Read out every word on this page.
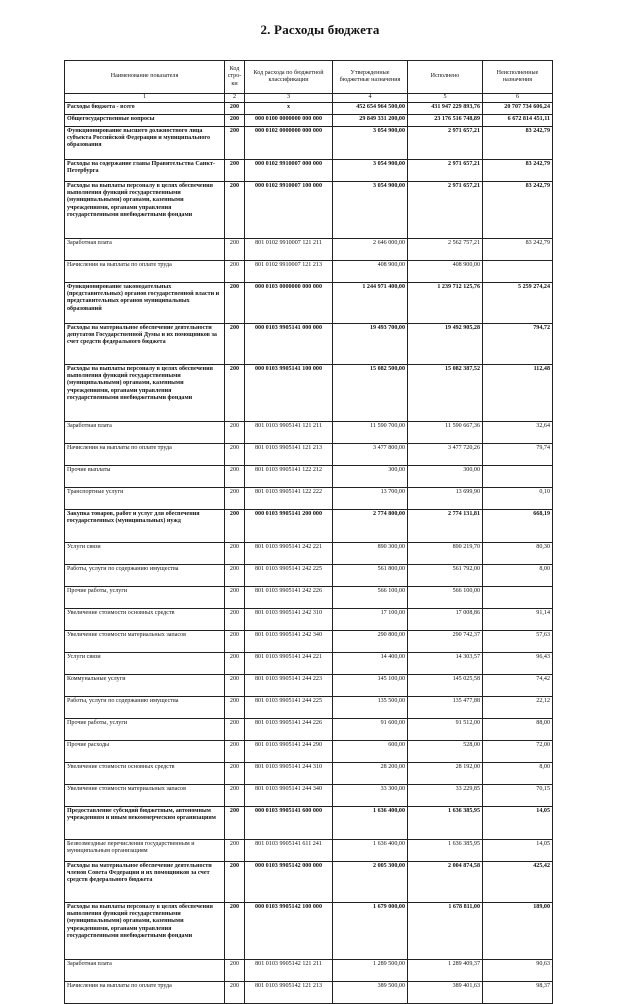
2. Расходы бюджета
Наименование показателя	Код стро-ки	Код расхода по бюджетной классификации	Утвержденные бюджетные назначения	Исполнено	Неисполненные назначения
1	2	3	4	5	6
Расходы бюджета - всего	200	x	452 654 964 500,00	431 947 229 893,76	20 707 734 606,24
Общегосударственные вопросы	200	000 0100 0000000 000 000	29 849 331 200,00	23 176 516 748,89	6 672 814 451,11
Функционирование высшего должностного лица субъекта Российской Федерации и муниципального образования	200	000 0102 0000000 000 000	3 054 900,00	2 971 657,21	83 242,79
Расходы на содержание главы Правительства Санкт-Петербурга	200	000 0102 9910007 000 000	3 054 900,00	2 971 657,21	83 242,79
Расходы на выплаты персоналу в целях обеспечения выполнения функций государственными (муниципальными) органами, казенными учреждениями, органами управления государственными внебюджетными фондами	200	000 0102 9910007 100 000	3 054 900,00	2 971 657,21	83 242,79
Заработная плата	200	801 0102 9910007 121 211	2 646 000,00	2 562 757,21	83 242,79
Начисления на выплаты по оплате труда	200	801 0102 9910007 121 213	408 900,00	408 900,00	
Функционирование законодательных (представительных) органов государственной власти и представительных органов муниципальных образований	200	000 0103 0000000 000 000	1 244 971 400,00	1 239 712 125,76	5 259 274,24
Расходы на материальное обеспечение деятельности депутатов Государственной Думы и их помощников за счет средств федерального бюджета	200	000 0103 9905141 000 000	19 493 700,00	19 492 905,28	794,72
Расходы на выплаты персоналу в целях обеспечения выполнения функций государственными (муниципальными) органами, казенными учреждениями, органами управления государственными внебюджетными фондами	200	000 0103 9905141 100 000	15 082 500,00	15 082 387,52	112,48
Заработная плата	200	801 0103 9905141 121 211	11 590 700,00	11 590 667,36	32,64
Начисления на выплаты по оплате труда	200	801 0103 9905141 121 213	3 477 800,00	3 477 720,26	79,74
Прочие выплаты	200	801 0103 9905141 122 212	300,00	300,00	
Транспортные услуги	200	801 0103 9905141 122 222	13 700,00	13 699,90	0,10
Закупка товаров, работ и услуг для обеспечения государственных (муниципальных) нужд	200	000 0103 9905141 200 000	2 774 800,00	2 774 131,81	668,19
Услуги связи	200	801 0103 9905141 242 221	890 300,00	890 219,70	80,30
Работы, услуги по содержанию имущества	200	801 0103 9905141 242 225	561 800,00	561 792,00	8,00
Прочие работы, услуги	200	801 0103 9905141 242 226	566 100,00	566 100,00	
Увеличение стоимости основных средств	200	801 0103 9905141 242 310	17 100,00	17 008,86	91,14
Увеличение стоимости материальных запасов	200	801 0103 9905141 242 340	290 800,00	290 742,37	57,63
Услуги связи	200	801 0103 9905141 244 221	14 400,00	14 303,57	96,43
Коммунальные услуги	200	801 0103 9905141 244 223	145 100,00	145 025,58	74,42
Работы, услуги по содержанию имущества	200	801 0103 9905141 244 225	135 500,00	135 477,88	22,12
Прочие работы, услуги	200	801 0103 9905141 244 226	91 600,00	91 512,00	88,00
Прочие расходы	200	801 0103 9905141 244 290	600,00	528,00	72,00
Увеличение стоимости основных средств	200	801 0103 9905141 244 310	28 200,00	28 192,00	8,00
Увеличение стоимости материальных запасов	200	801 0103 9905141 244 340	33 300,00	33 229,85	70,15
Предоставление субсидий бюджетным, автономным учреждениям и иным некоммерческим организациям	200	000 0103 9905141 600 000	1 636 400,00	1 636 385,95	14,05
Безвозмездные перечисления государственным и муниципальным организациям	200	801 0103 9905141 611 241	1 636 400,00	1 636 385,95	14,05
Расходы на материальное обеспечение деятельности членов Совета Федерации и их помощников за счет средств федерального бюджета	200	000 0103 9905142 000 000	2 005 300,00	2 004 874,58	425,42
Расходы на выплаты персоналу в целях обеспечения выполнения функций государственными (муниципальными) органами, казенными учреждениями, органами управления государственными внебюджетными фондами	200	000 0103 9905142 100 000	1 679 000,00	1 678 811,00	189,00
Заработная плата	200	801 0103 9905142 121 211	1 289 500,00	1 289 409,37	90,63
Начисления на выплаты по оплате труда	200	801 0103 9905142 121 213	389 500,00	389 401,63	98,37
